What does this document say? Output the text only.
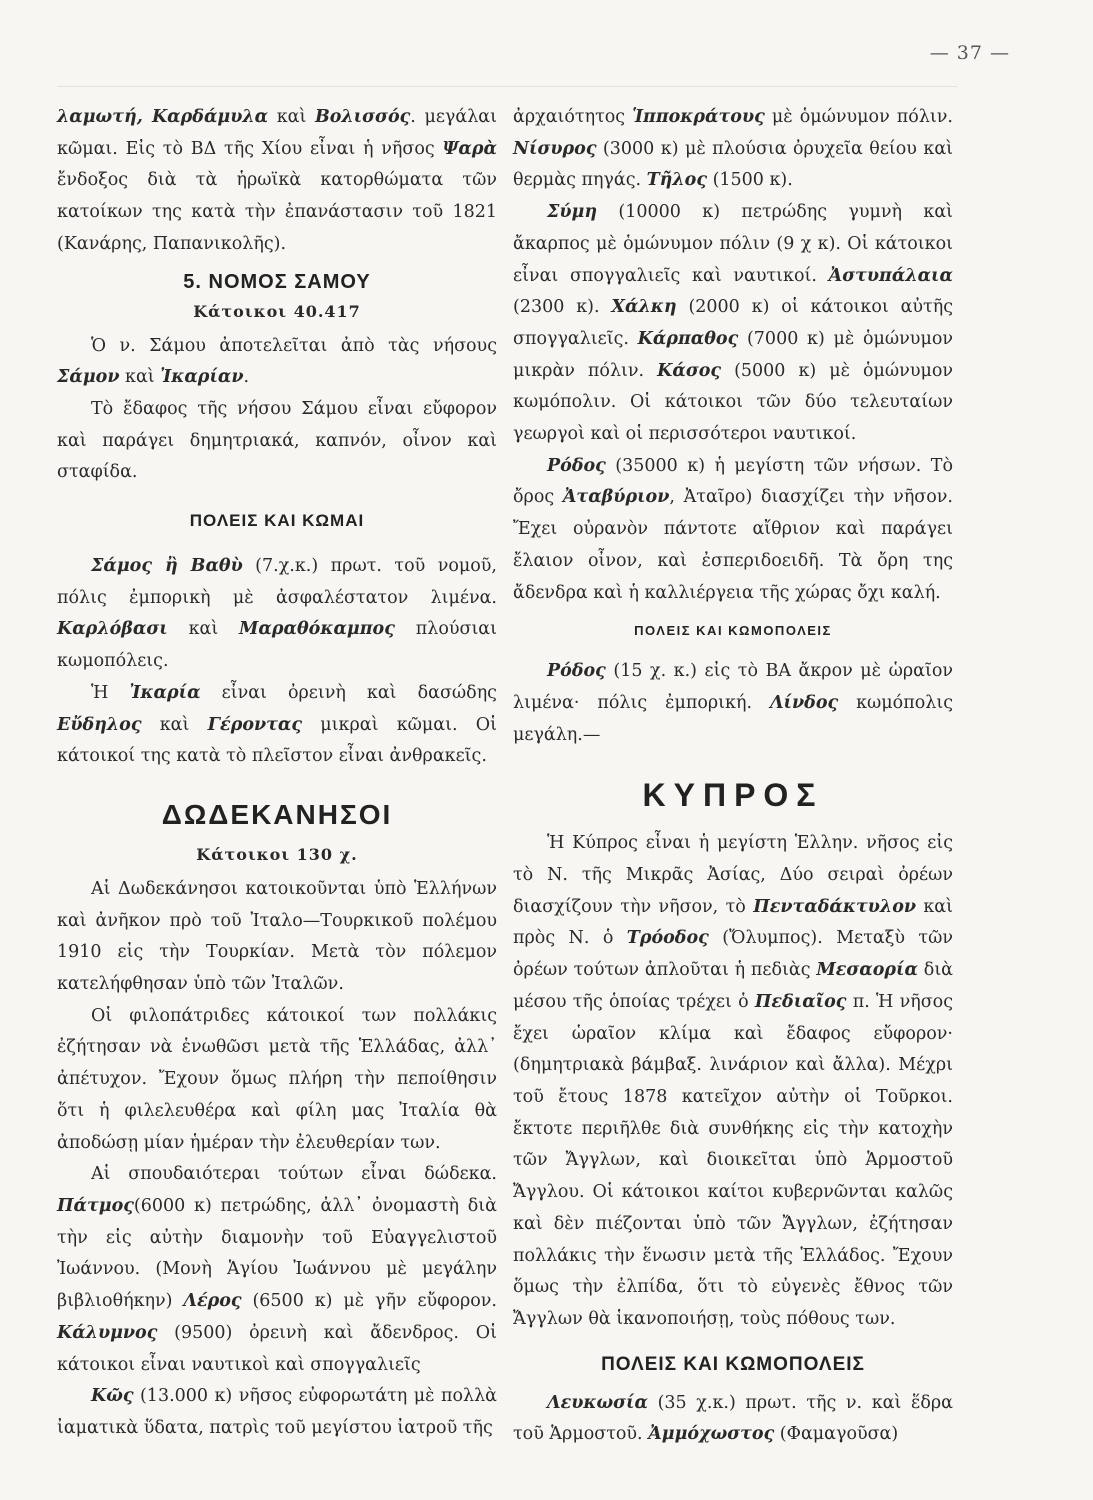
— 37 —

λαμωτή, Καρδάμυλα καὶ Βολισσός. μεγάλαι κῶμαι. Εἰς τὸ ΒΔ τῆς Χίου εἶναι ἡ νῆσος Ψαρὰ ἔνδοξος διὰ τὰ ἡρωϊκὰ κατορθώματα τῶν κατοίκων της κατὰ τὴν ἐπανάστασιν τοῦ 1821 (Κανάρης, Παπανικολῆς).

5. ΝΟΜΟΣ ΣΑΜΟΥ
Κάτοικοι 40.417

Ὁ ν. Σάμου ἀποτελεῖται ἀπὸ τὰς νήσους Σάμον καὶ Ἰκαρίαν.

Τὸ ἔδαφος τῆς νήσου Σάμου εἶναι εὔφορον καὶ παράγει δημητριακά, καπνόν, οἶνον καὶ σταφίδα.

ΠΟΛΕΙΣ ΚΑΙ ΚΩΜΑΙ

Σάμος ἢ Βαθὺ (7.χ.κ.) πρωτ. τοῦ νομοῦ, πόλις ἐμπορικὴ μὲ ἀσφαλέστατον λιμένα. Καρλόβασι καὶ Μαραθόκαμπος πλούσιαι κωμοπόλεις.

Ἡ Ἰκαρία εἶναι ὀρεινὴ καὶ δασώδης Εὔδηλος καὶ Γέροντας μικραὶ κῶμαι. Οἱ κάτοικοί της κατὰ τὸ πλεῖστον εἶναι ἀνθρακεῖς.

ΔΩΔΕΚΑΝΗΣΟΙ
Κάτοικοι 130 χ.

Αἱ Δωδεκάνησοι κατοικοῦνται ὑπὸ Ἑλλήνων καὶ ἀνῆκον πρὸ τοῦ Ἰταλο—Τουρκικοῦ πολέμου 1910 εἰς τὴν Τουρκίαν. Μετὰ τὸν πόλεμον κατελήφθησαν ὑπὸ τῶν Ἰταλῶν.

Οἱ φιλοπάτριδες κάτοικοί των πολλάκις ἐζήτησαν νὰ ἑνωθῶσι μετὰ τῆς Ἑλλάδας, ἀλλ᾽ ἀπέτυχον. Ἔχουν ὅμως πλήρη τὴν πεποίθησιν ὅτι ἡ φιλελευθέρα καὶ φίλη μας Ἰταλία θὰ ἀποδώσῃ μίαν ἡμέραν τὴν ἐλευθερίαν των.

Αἱ σπουδαιότεραι τούτων εἶναι δώδεκα. Πάτμος(6000 κ) πετρώδης, ἀλλ᾽ ὀνομαστὴ διὰ τὴν εἰς αὐτὴν διαμονὴν τοῦ Εὐαγγελιστοῦ Ἰωάννου. (Μονὴ Ἁγίου Ἰωάννου μὲ μεγάλην βιβλιοθήκην) Λέρος (6500 κ) μὲ γῆν εὔφορον. Κάλυμνος (9500) ὀρεινὴ καὶ ἄδενδρος. Οἱ κάτοικοι εἶναι ναυτικοὶ καὶ σπογγαλιεῖς

Κῶς (13.000 κ) νῆσος εὐφορωτάτη μὲ πολλὰ ἰαματικὰ ὕδατα, πατρὶς τοῦ μεγίστου ἰατροῦ τῆς

ἀρχαιότητος Ἱπποκράτους μὲ ὁμώνυμον πόλιν. Νίσυρος (3000 κ) μὲ πλούσια ὀρυχεῖα θείου καὶ θερμὰς πηγάς. Τῆλος (1500 κ).

Σύμη (10000 κ) πετρώδης γυμνὴ καὶ ἄκαρπος μὲ ὁμώνυμον πόλιν (9 χ κ). Οἱ κάτοικοι εἶναι σπογγαλιεῖς καὶ ναυτικοί. Ἀστυπάλαια (2300 κ). Χάλκη (2000 κ) οἱ κάτοικοι αὐτῆς σπογγαλιεῖς. Κάρπαθος (7000 κ) μὲ ὁμώνυμον μικρὰν πόλιν. Κάσος (5000 κ) μὲ ὁμώνυμον κωμόπολιν. Οἱ κάτοικοι τῶν δύο τελευταίων γεωργοὶ καὶ οἱ περισσότεροι ναυτικοί.

Ρόδος (35000 κ) ἡ μεγίστη τῶν νήσων. Τὸ ὄρος Ἀταβύριον, Ἀταῖρο) διασχίζει τὴν νῆσον. Ἔχει οὐρανὸν πάντοτε αἴθριον καὶ παράγει ἔλαιον οἶνον, καὶ ἐσπεριδοειδῆ. Τὰ ὄρη της ἄδενδρα καὶ ἡ καλλιέργεια τῆς χώρας ὄχι καλή.

ΠΟΛΕΙΣ ΚΑΙ ΚΩΜΟΠΟΛΕΙΣ

Ρόδος (15 χ. κ.) εἰς τὸ ΒΑ ἄκρον μὲ ὡραῖον λιμένα· πόλις ἐμπορική. Λίνδος κωμόπολις μεγάλη.—

ΚΥΠΡΟΣ

Ἡ Κύπρος εἶναι ἡ μεγίστη Ἑλλην. νῆσος εἰς τὸ Ν. τῆς Μικρᾶς Ἀσίας, Δύο σειραὶ ὀρέων διασχίζουν τὴν νῆσον, τὸ Πενταδάκτυλον καὶ πρὸς Ν. ὁ Τρόοδος (Ὄλυμπος). Μεταξὺ τῶν ὀρέων τούτων ἁπλοῦται ἡ πεδιὰς Μεσαορία διὰ μέσου τῆς ὁποίας τρέχει ὁ Πεδιαῖος π. Ἡ νῆσος ἔχει ὡραῖον κλίμα καὶ ἔδαφος εὔφορον· (δημητριακὰ βάμβαξ. λινάριον καὶ ἄλλα). Μέχρι τοῦ ἔτους 1878 κατεῖχον αὐτὴν οἱ Τοῦρκοι. ἔκτοτε περιῆλθε διὰ συνθήκης εἰς τὴν κατοχὴν τῶν Ἄγγλων, καὶ διοικεῖται ὑπὸ Ἁρμοστοῦ Ἄγγλου. Οἱ κάτοικοι καίτοι κυβερνῶνται καλῶς καὶ δὲν πιέζονται ὑπὸ τῶν Ἄγγλων, ἐζήτησαν πολλάκις τὴν ἕνωσιν μετὰ τῆς Ἑλλάδος. Ἔχουν ὅμως τὴν ἐλπίδα, ὅτι τὸ εὐγενὲς ἔθνος τῶν Ἄγγλων θὰ ἱκανοποιήσῃ, τοὺς πόθους των.

ΠΟΛΕΙΣ ΚΑΙ ΚΩΜΟΠΟΛΕΙΣ

Λευκωσία (35 χ.κ.) πρωτ. τῆς ν. καὶ ἕδρα τοῦ Ἁρμοστοῦ. Ἀμμόχωστος (Φαμαγοῦσα)
